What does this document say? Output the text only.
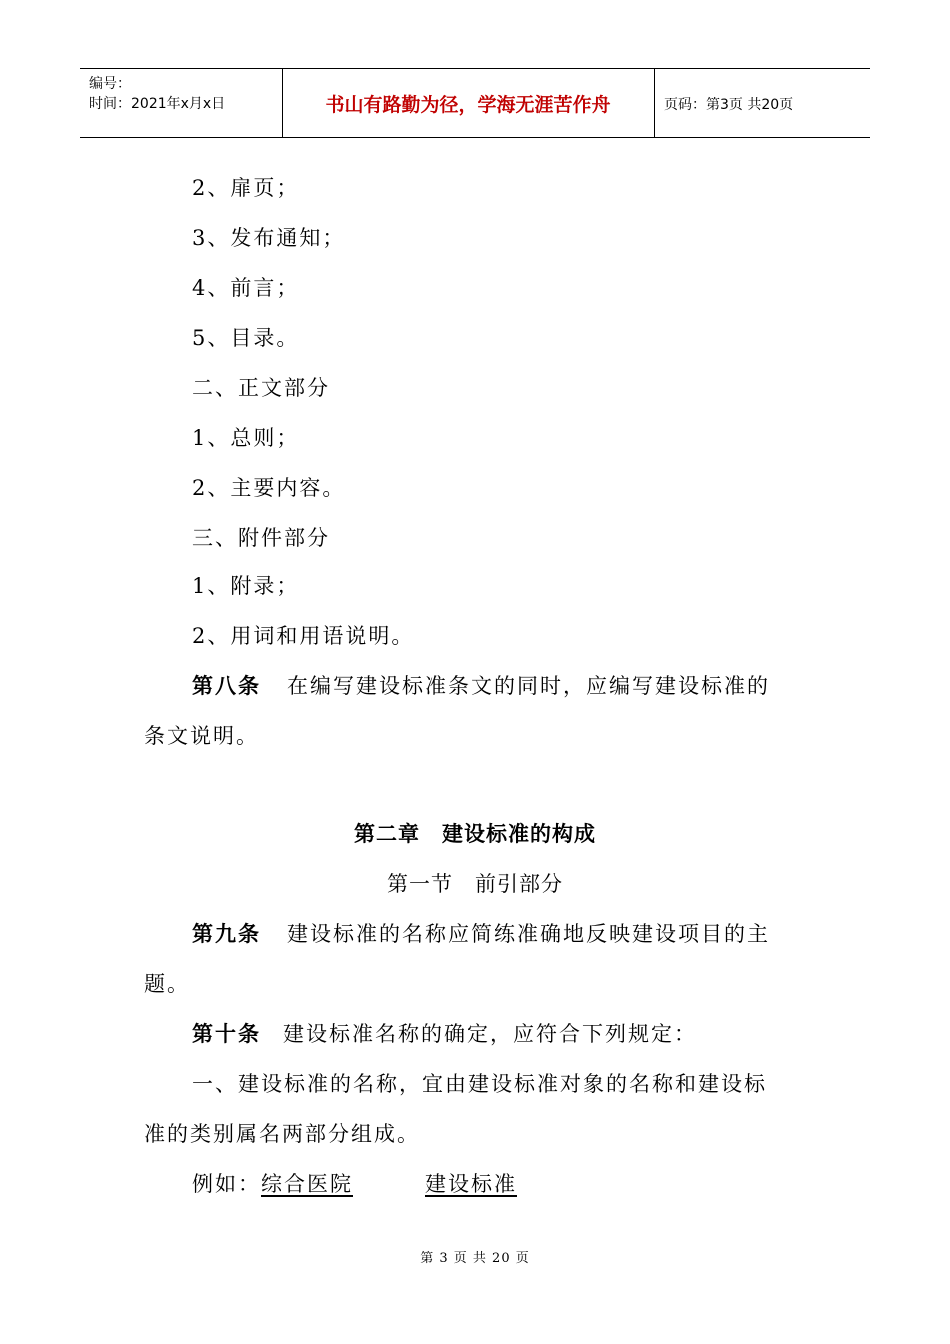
编号：
时间：2021年x月x日	书山有路勤为径，学海无涯苦作舟	页码：第3页 共20页
2、扉页；
3、发布通知；
4、前言；
5、目录。
二、正文部分
1、总则；
2、主要内容。
三、附件部分
1、附录；
2、用词和用语说明。
第八条 在编写建设标准条文的同时，应编写建设标准的
条文说明。
第二章　建设标准的构成
第一节　前引部分
第九条 建设标准的名称应简练准确地反映建设项目的主
题。
第十条 建设标准名称的确定，应符合下列规定：
一、建设标准的名称，宜由建设标准对象的名称和建设标
准的类别属名两部分组成。
例如：综合医院	建设标准
第 3 页 共 20 页
